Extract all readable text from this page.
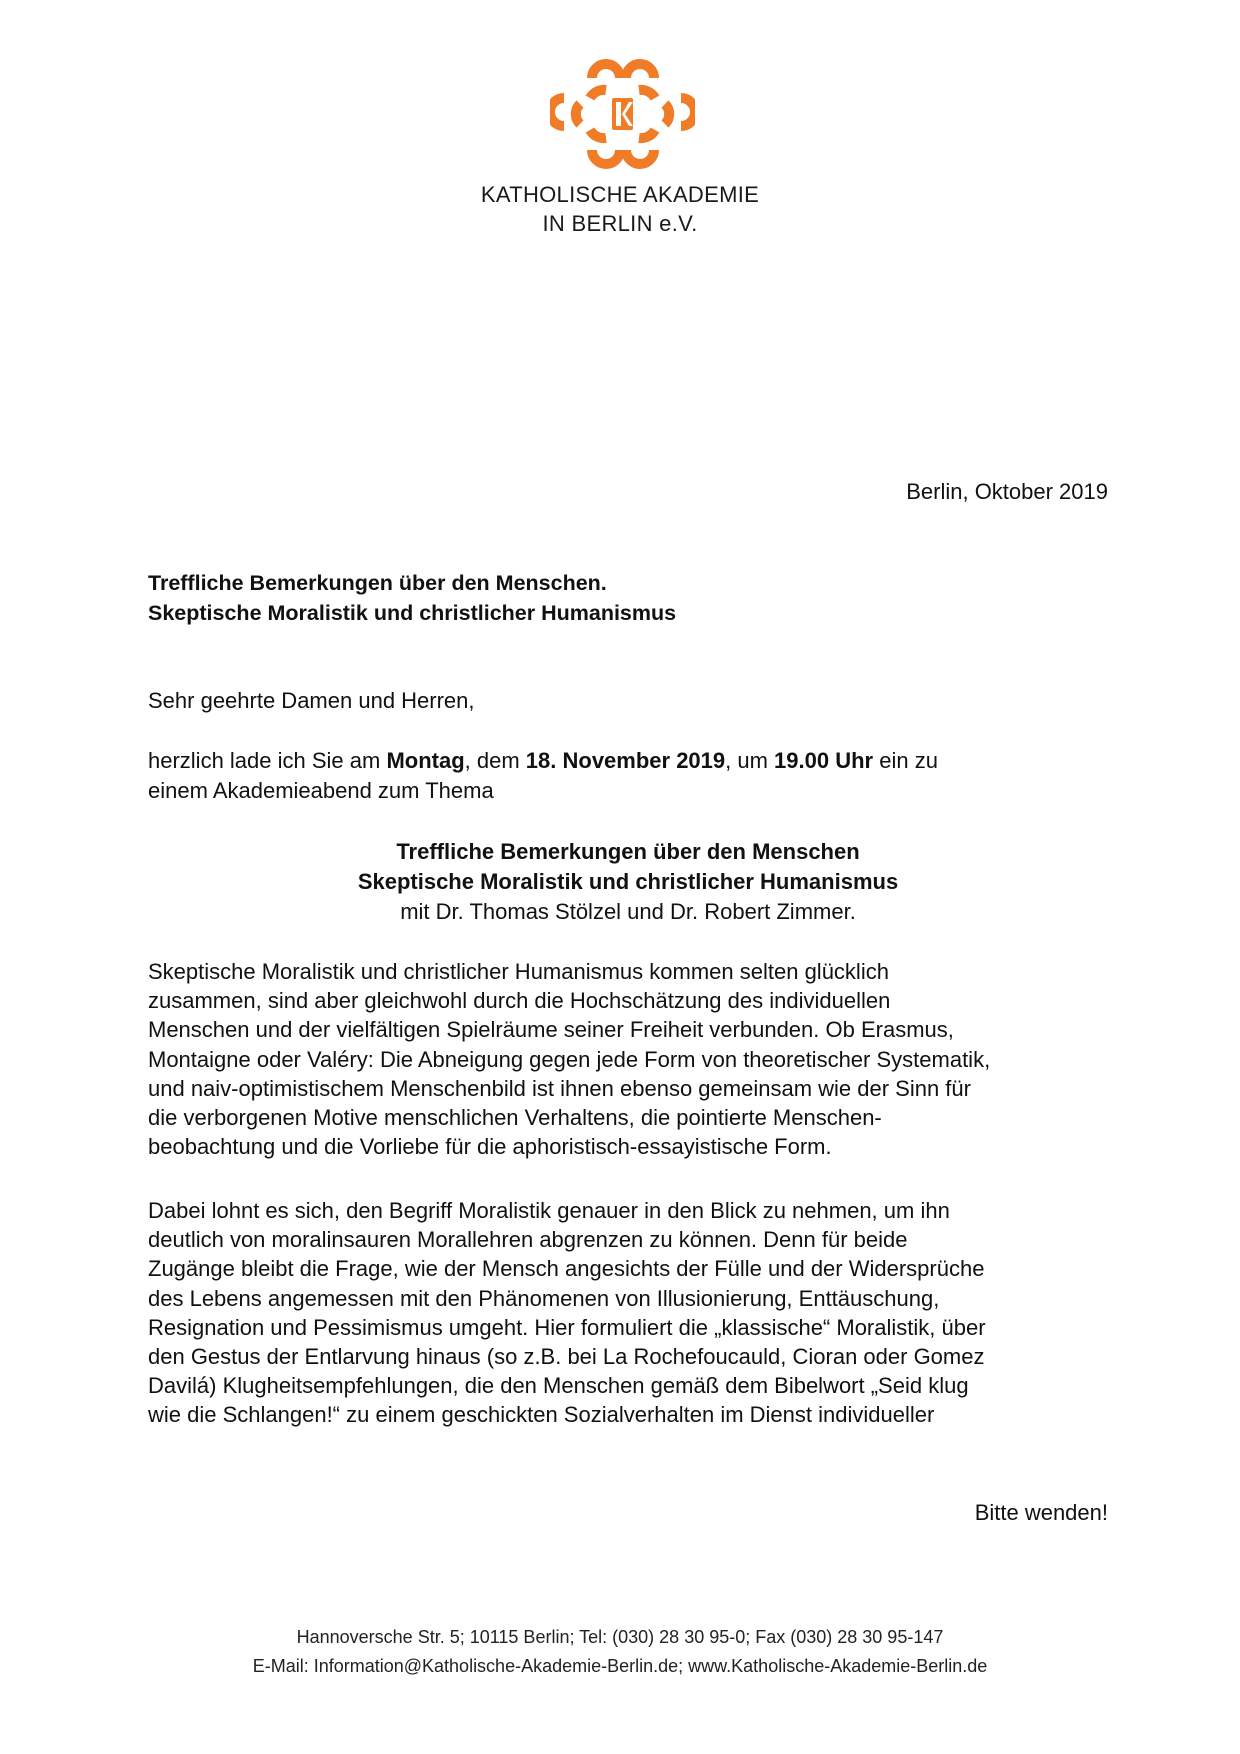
KATHOLISCHE AKADEMIE
IN BERLIN e.V.
Berlin, Oktober 2019
Treffliche Bemerkungen über den Menschen.
Skeptische Moralistik und christlicher Humanismus
Sehr geehrte Damen und Herren,
herzlich lade ich Sie am Montag, dem 18. November 2019, um 19.00 Uhr ein zu
einem Akademieabend zum Thema
Treffliche Bemerkungen über den Menschen
Skeptische Moralistik und christlicher Humanismus
mit Dr. Thomas Stölzel und Dr. Robert Zimmer.
Skeptische Moralistik und christlicher Humanismus kommen selten glücklich
zusammen, sind aber gleichwohl durch die Hochschätzung des individuellen
Menschen und der vielfältigen Spielräume seiner Freiheit verbunden. Ob Erasmus,
Montaigne oder Valéry: Die Abneigung gegen jede Form von theoretischer Systematik,
und naiv-optimistischem Menschenbild ist ihnen ebenso gemeinsam wie der Sinn für
die verborgenen Motive menschlichen Verhaltens, die pointierte Menschen-
beobachtung und die Vorliebe für die aphoristisch-essayistische Form.
Dabei lohnt es sich, den Begriff Moralistik genauer in den Blick zu nehmen, um ihn
deutlich von moralinsauren Morallehren abgrenzen zu können. Denn für beide
Zugänge bleibt die Frage, wie der Mensch angesichts der Fülle und der Widersprüche
des Lebens angemessen mit den Phänomenen von Illusionierung, Enttäuschung,
Resignation und Pessimismus umgeht. Hier formuliert die „klassische“ Moralistik, über
den Gestus der Entlarvung hinaus (so z.B. bei La Rochefoucauld, Cioran oder Gomez
Davilá) Klugheitsempfehlungen, die den Menschen gemäß dem Bibelwort „Seid klug
wie die Schlangen!“ zu einem geschickten Sozialverhalten im Dienst individueller
Bitte wenden!
Hannoversche Str. 5; 10115 Berlin; Tel: (030) 28 30 95-0; Fax (030) 28 30 95-147
E-Mail: Information@Katholische-Akademie-Berlin.de; www.Katholische-Akademie-Berlin.de
